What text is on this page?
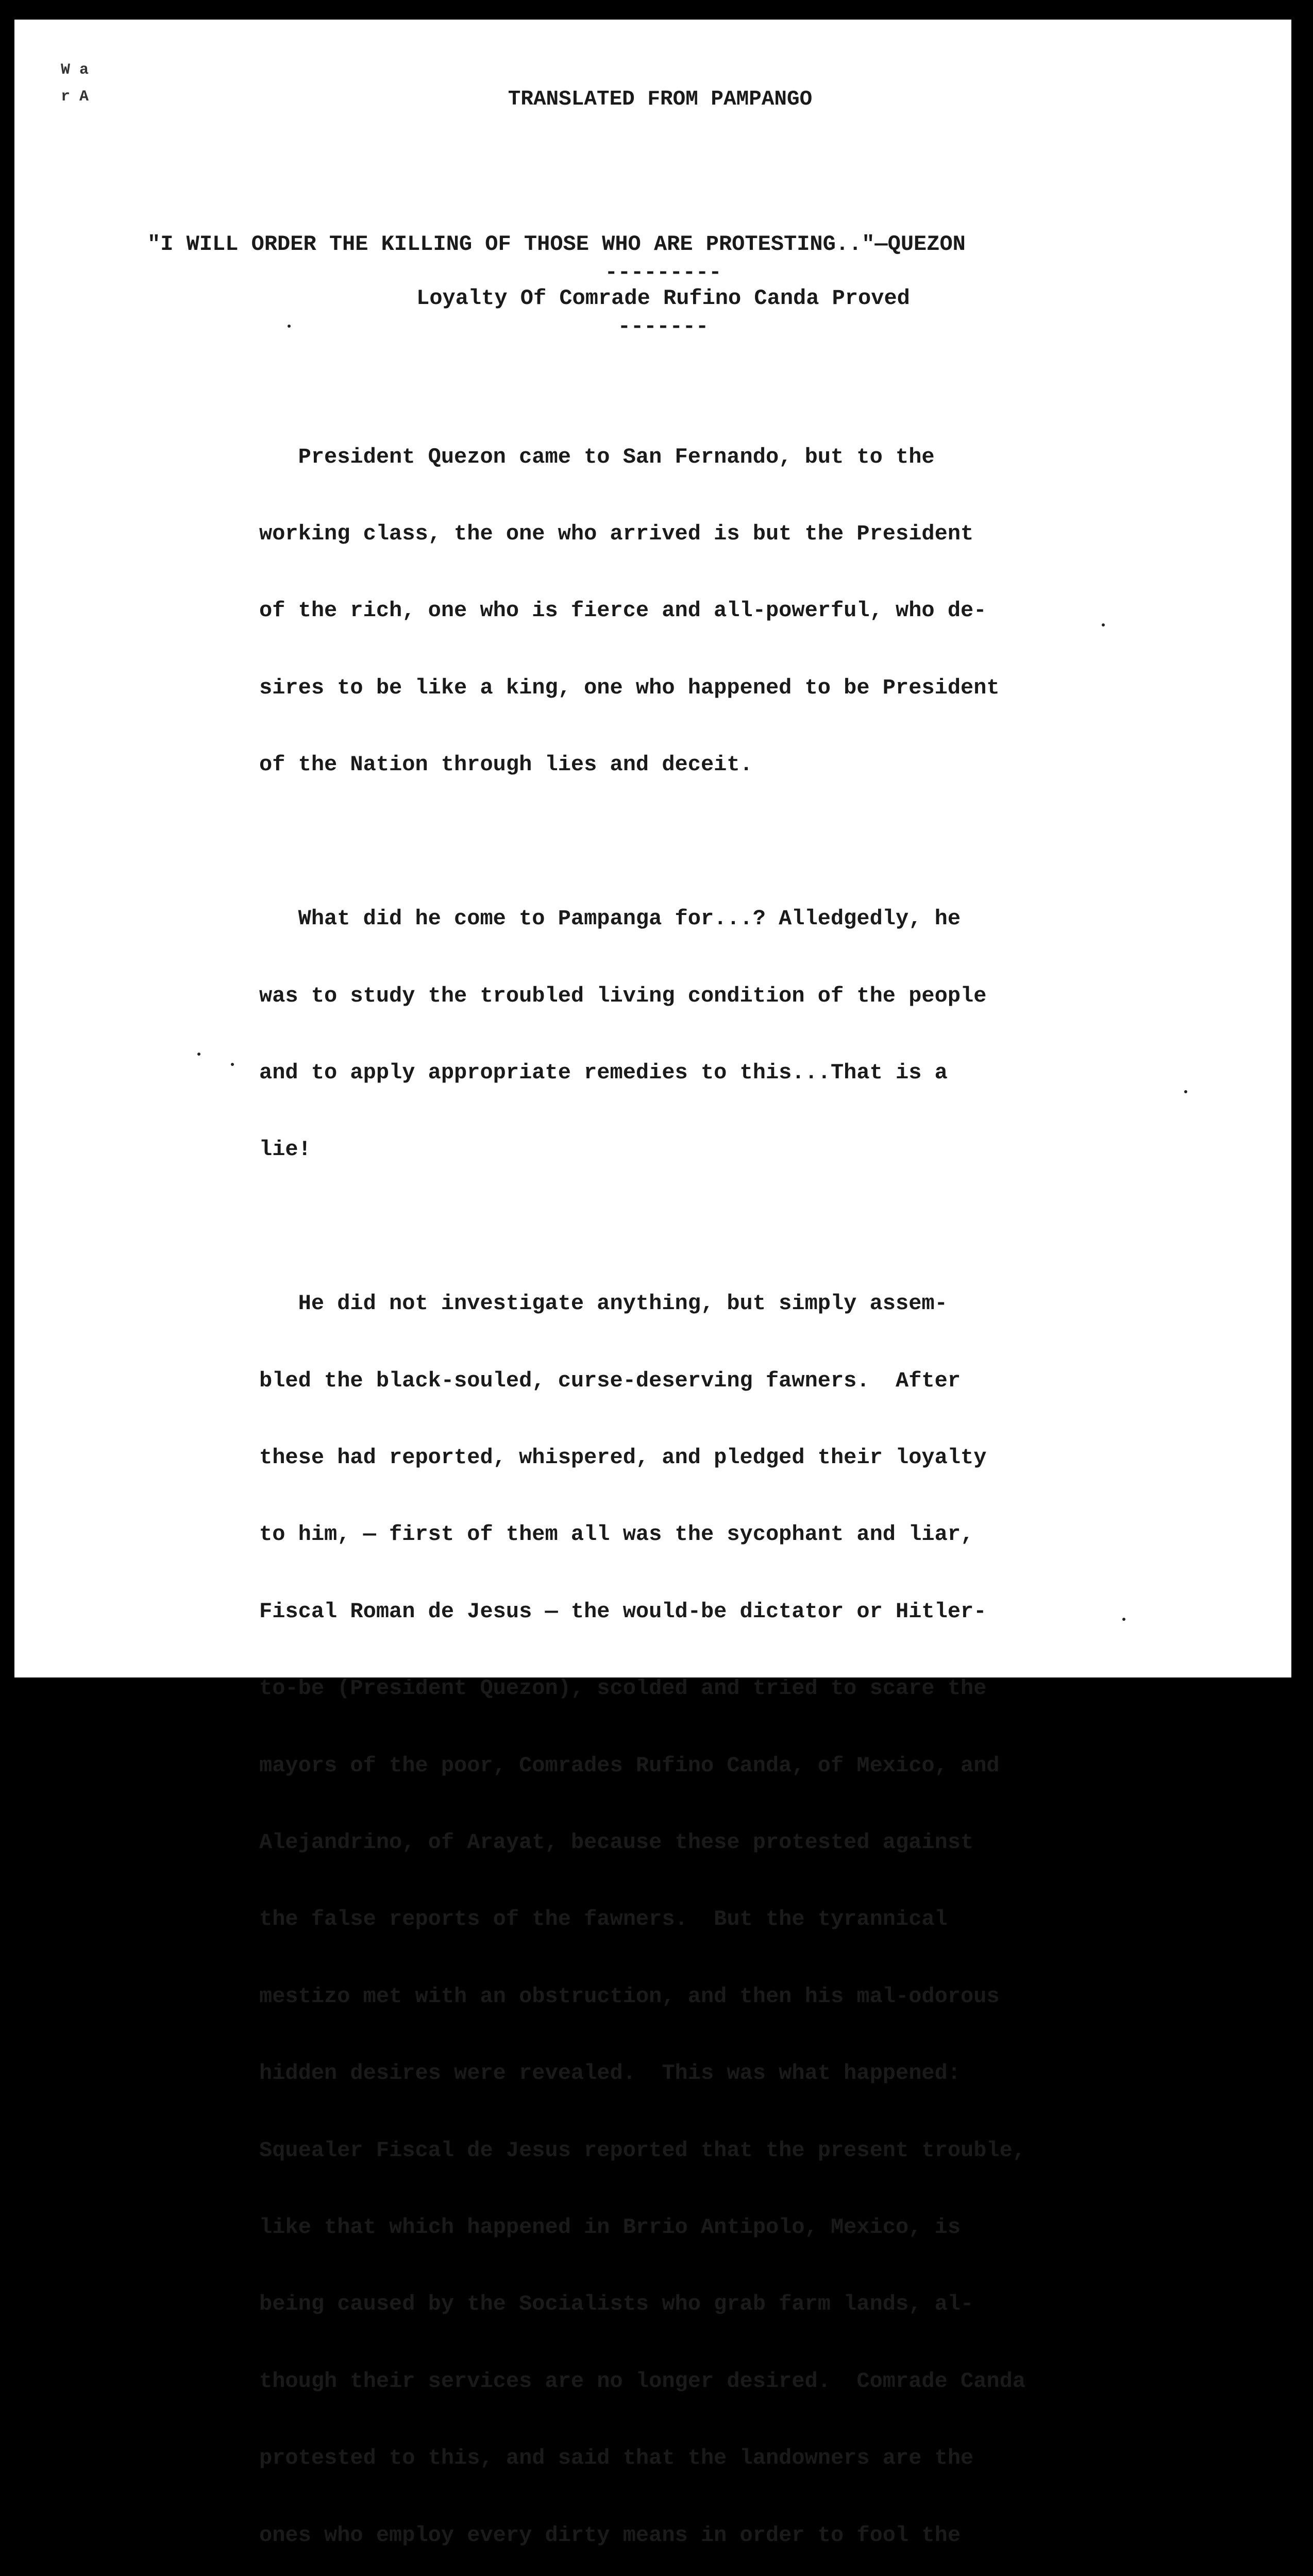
W a
r A	TRANSLATED FROM PAMPANGO
"I WILL ORDER THE KILLING OF THOSE WHO ARE PROTESTING.."—QUEZON
---------
Loyalty Of Comrade Rufino Canda Proved
-------

President Quezon came to San Fernando, but to the

working class, the one who arrived is but the President

of the rich, one who is fierce and all-powerful, who de-

sires to be like a king, one who happened to be President

of the Nation through lies and deceit.

What did he come to Pampanga for...? Alledgedly, he

was to study the troubled living condition of the people

and to apply appropriate remedies to this...That is a

lie!

He did not investigate anything, but simply assem-

bled the black-souled, curse-deserving fawners.  After

these had reported, whispered, and pledged their loyalty

to him, — first of them all was the sycophant and liar,

Fiscal Roman de Jesus — the would-be dictator or Hitler-

to-be (President Quezon), scolded and tried to scare the

mayors of the poor, Comrades Rufino Canda, of Mexico, and

Alejandrino, of Arayat, because these protested against

the false reports of the fawners.  But the tyrannical

mestizo met with an obstruction, and then his mal-odorous

hidden desires were revealed.  This was what happened:

Squealer Fiscal de Jesus reported that the present trouble,

like that which happened in Brrio Antipolo, Mexico, is

being caused by the Socialists who grab farm lands, al-

though their services are no longer desired.  Comrade Canda

protested to this, and said that the landowners are the

ones who employ every dirty means in order to fool the
